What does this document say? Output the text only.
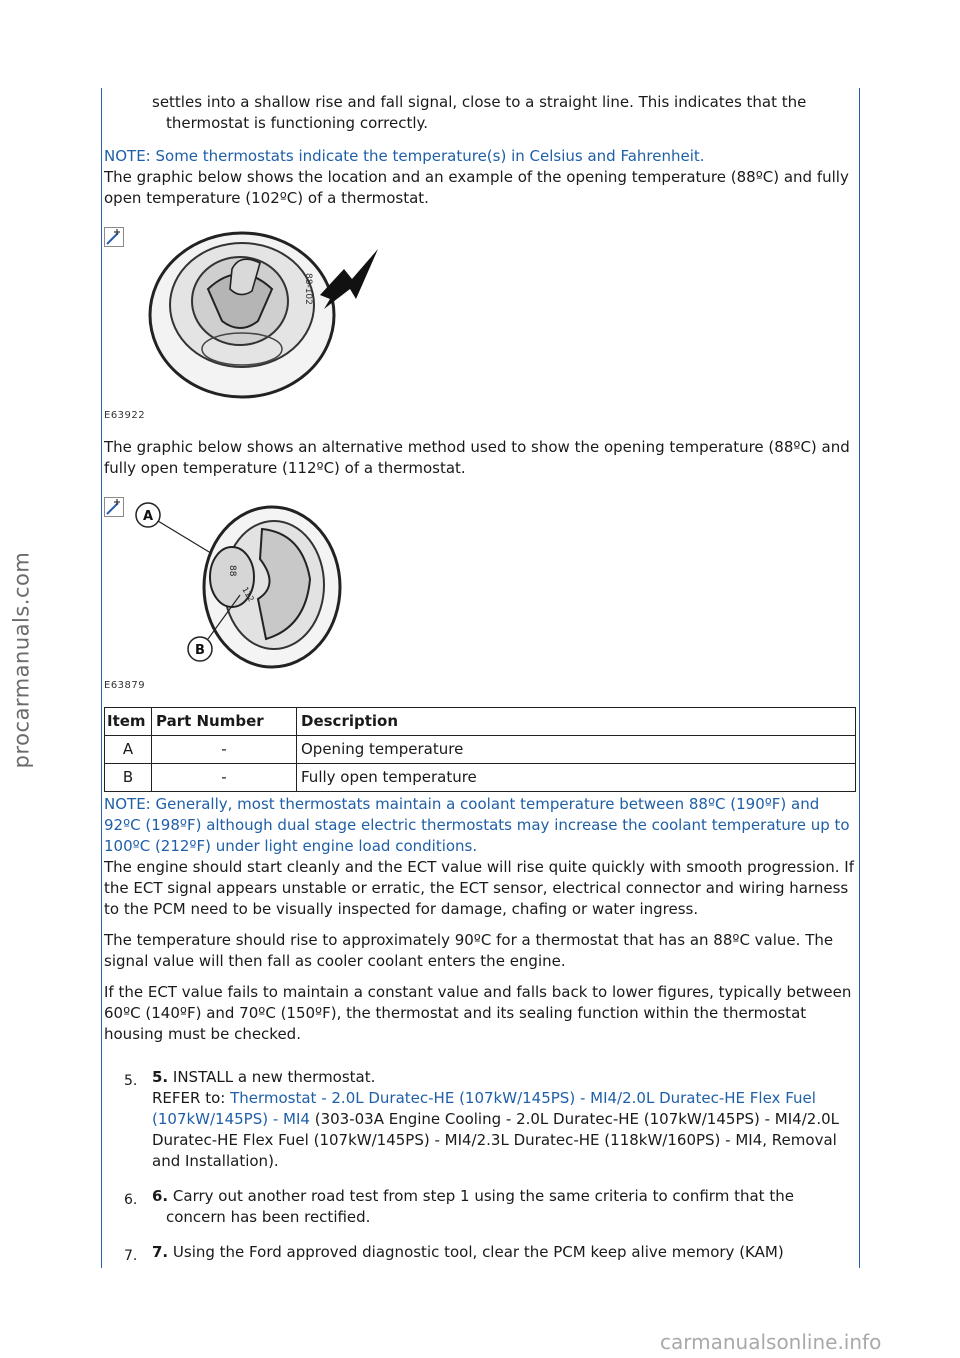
procarmanuals.com

settles into a shallow rise and fall signal, close to a straight line. This indicates that the thermostat is functioning correctly.

NOTE: Some thermostats indicate the temperature(s) in Celsius and Fahrenheit.

The graphic below shows the location and an example of the opening temperature (88ºC) and fully open temperature (102ºC) of a thermostat.

88-102
E63922

The graphic below shows an alternative method used to show the opening temperature (88ºC) and fully open temperature (112ºC) of a thermostat.

A
88
112
B
E63879
Item	Part Number	Description
A	-	Opening temperature
B	-	Fully open temperature

NOTE: Generally, most thermostats maintain a coolant temperature between 88ºC (190ºF) and 92ºC (198ºF) although dual stage electric thermostats may increase the coolant temperature up to 100ºC (212ºF) under light engine load conditions.

The engine should start cleanly and the ECT value will rise quite quickly with smooth progression. If the ECT signal appears unstable or erratic, the ECT sensor, electrical connector and wiring harness to the PCM need to be visually inspected for damage, chafing or water ingress.

The temperature should rise to approximately 90ºC for a thermostat that has an 88ºC value. The signal value will then fall as cooler coolant enters the engine.

If the ECT value fails to maintain a constant value and falls back to lower figures, typically between 60ºC (140ºF) and 70ºC (150ºF), the thermostat and its sealing function within the thermostat housing must be checked.

5. 5. INSTALL a new thermostat.

REFER to: Thermostat - 2.0L Duratec-HE (107kW/145PS) - MI4/2.0L Duratec-HE Flex Fuel (107kW/145PS) - MI4 (303-03A Engine Cooling - 2.0L Duratec-HE (107kW/145PS) - MI4/2.0L Duratec-HE Flex Fuel (107kW/145PS) - MI4/2.3L Duratec-HE (118kW/160PS) - MI4, Removal and Installation).

6. 6. Carry out another road test from step 1 using the same criteria to confirm that the concern has been rectified.

7. 7. Using the Ford approved diagnostic tool, clear the PCM keep alive memory (KAM)

carmanualsonline.info
